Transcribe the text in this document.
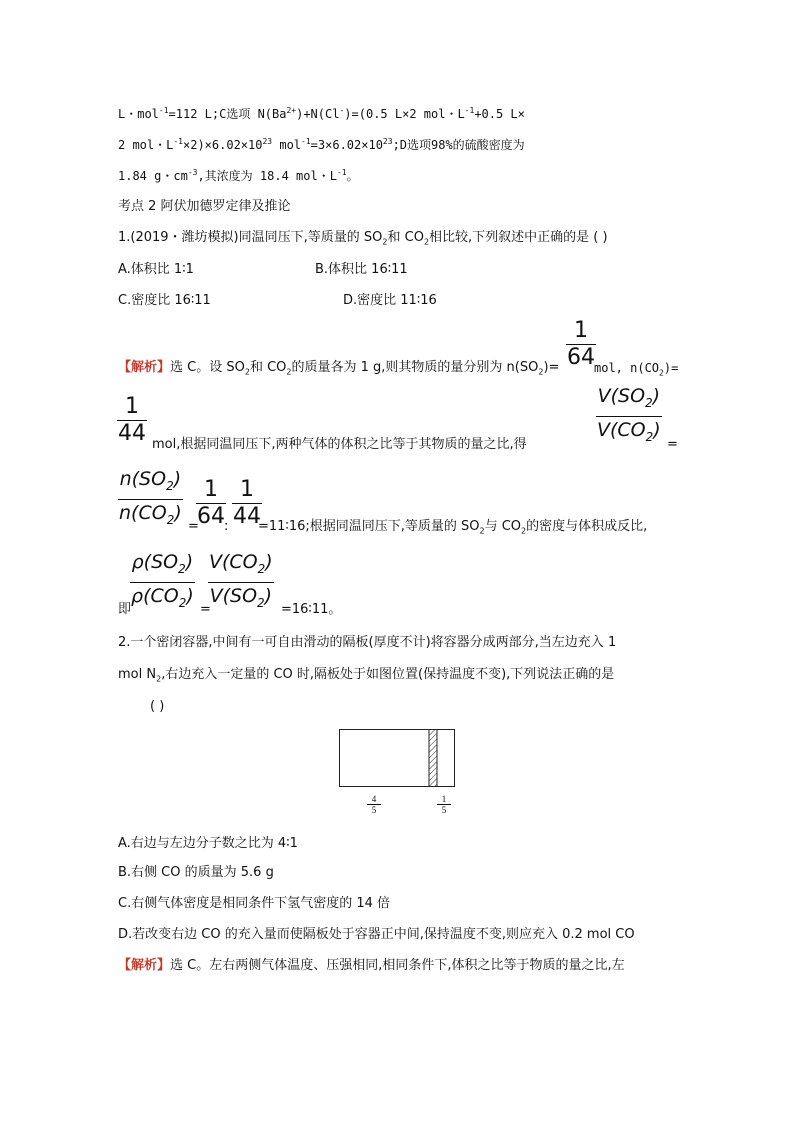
L・mol$^{-1}$=112 L;C选项 $N(Ba^{2+})+N(Cl^-)=(0.5$ L×2 mol・$L^{-1}+0.5$ L×
2 mol・$L^{-1}\times 2)\times 6.02\times 10^{23}$ $mol^{-1}=3\times 6.02\times 10^{23};D$选项98%的硫酸密度为
1.84 g・$cm^{-3}$,其浓度为 18.4 mol・$L^{-1}$。
考点 2 阿伏加德罗定律及推论
1.(2019・潍坊模拟)同温同压下,等质量的 $SO_2$和 $CO_2$相比较,下列叙述中正确的是 ( )
A.体积比 1∶1	B.体积比 16∶11
C.密度比 16∶11	D.密度比 11∶16
【解析】选 C。设 $SO_2$和 $CO_2$的质量各为 1 g,则其物质的量分别为 $n(SO_2)=$
1
64 mol, $n(CO_2)=$
1
44 mol,根据同温同压下,两种气体的体积之比等于其物质的量之比,得
$V(SO_2)$
$V(CO_2)$
=
$n(SO_2)$
$n(CO_2)$
=
1
64 :
1
44
=11∶16;根据同温同压下,等质量的 $SO_2$与 $CO_2$的密度与体积成反比,
即
$\rho(SO_2)$
$\rho(CO_2)$
=
$V(CO_2)$
$V(SO_2)$
=16∶11。
2.一个密闭容器,中间有一可自由滑动的隔板(厚度不计)将容器分成两部分,当左边充入 1
mol $N_2$,右边充入一定量的 CO 时,隔板处于如图位置(保持温度不变),下列说法正确的是
( )
4
5
1
5
A.右边与左边分子数之比为 4∶1
B.右侧 CO 的质量为 5.6 g
C.右侧气体密度是相同条件下氢气密度的 14 倍
D.若改变右边 CO 的充入量而使隔板处于容器正中间,保持温度不变,则应充入 0.2 mol CO
【解析】选 C。左右两侧气体温度、压强相同,相同条件下,体积之比等于物质的量之比,左
